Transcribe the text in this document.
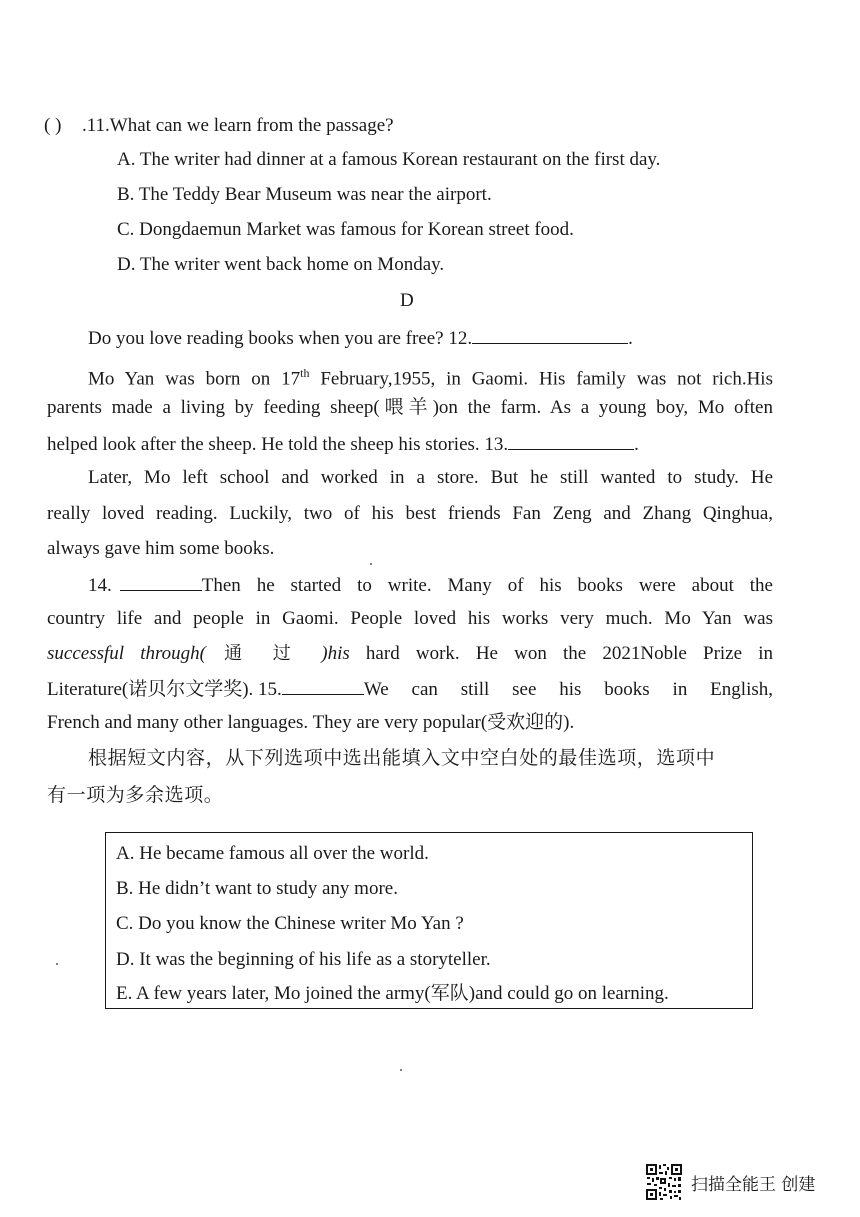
( ) .11.What can we learn from the passage?
A. The writer had dinner at a famous Korean restaurant on the first day.
B. The Teddy Bear Museum was near the airport.
C. Dongdaemun Market was famous for Korean street food.
D. The writer went back home on Monday.
D
Do you love reading books when you are free? 12.	.
Mo Yan was born on 17th February,1955, in Gaomi. His family was not rich.His
parents made a living by feeding sheep(喂羊)on the farm. As a young boy, Mo often
helped look after the sheep. He told the sheep his stories. 13.	.
Later, Mo left school and worked in a store. But he still wanted to study. He
really loved reading. Luckily, two of his best friends Fan Zeng and Zhang Qinghua,
always gave him some books.
14.	Then he started to write. Many of his books were about the
country life and people in Gaomi. People loved his works very much. Mo Yan was
successful through( 通 过 )his hard work. He won the 2021Noble Prize in
Literature(诺贝尔文学奖). 15.	We can still see his books in English,
French and many other languages. They are very popular(受欢迎的).
根据短文内容，从下列选项中选出能填入文中空白处的最佳选项，选项中
有一项为多余选项。
A. He became famous all over the world.
B. He didn’t want to study any more.
C. Do you know the Chinese writer Mo Yan ?
D. It was the beginning of his life as a storyteller.
E. A few years later, Mo joined the army(军队)and could go on learning.
扫描全能王 创建
